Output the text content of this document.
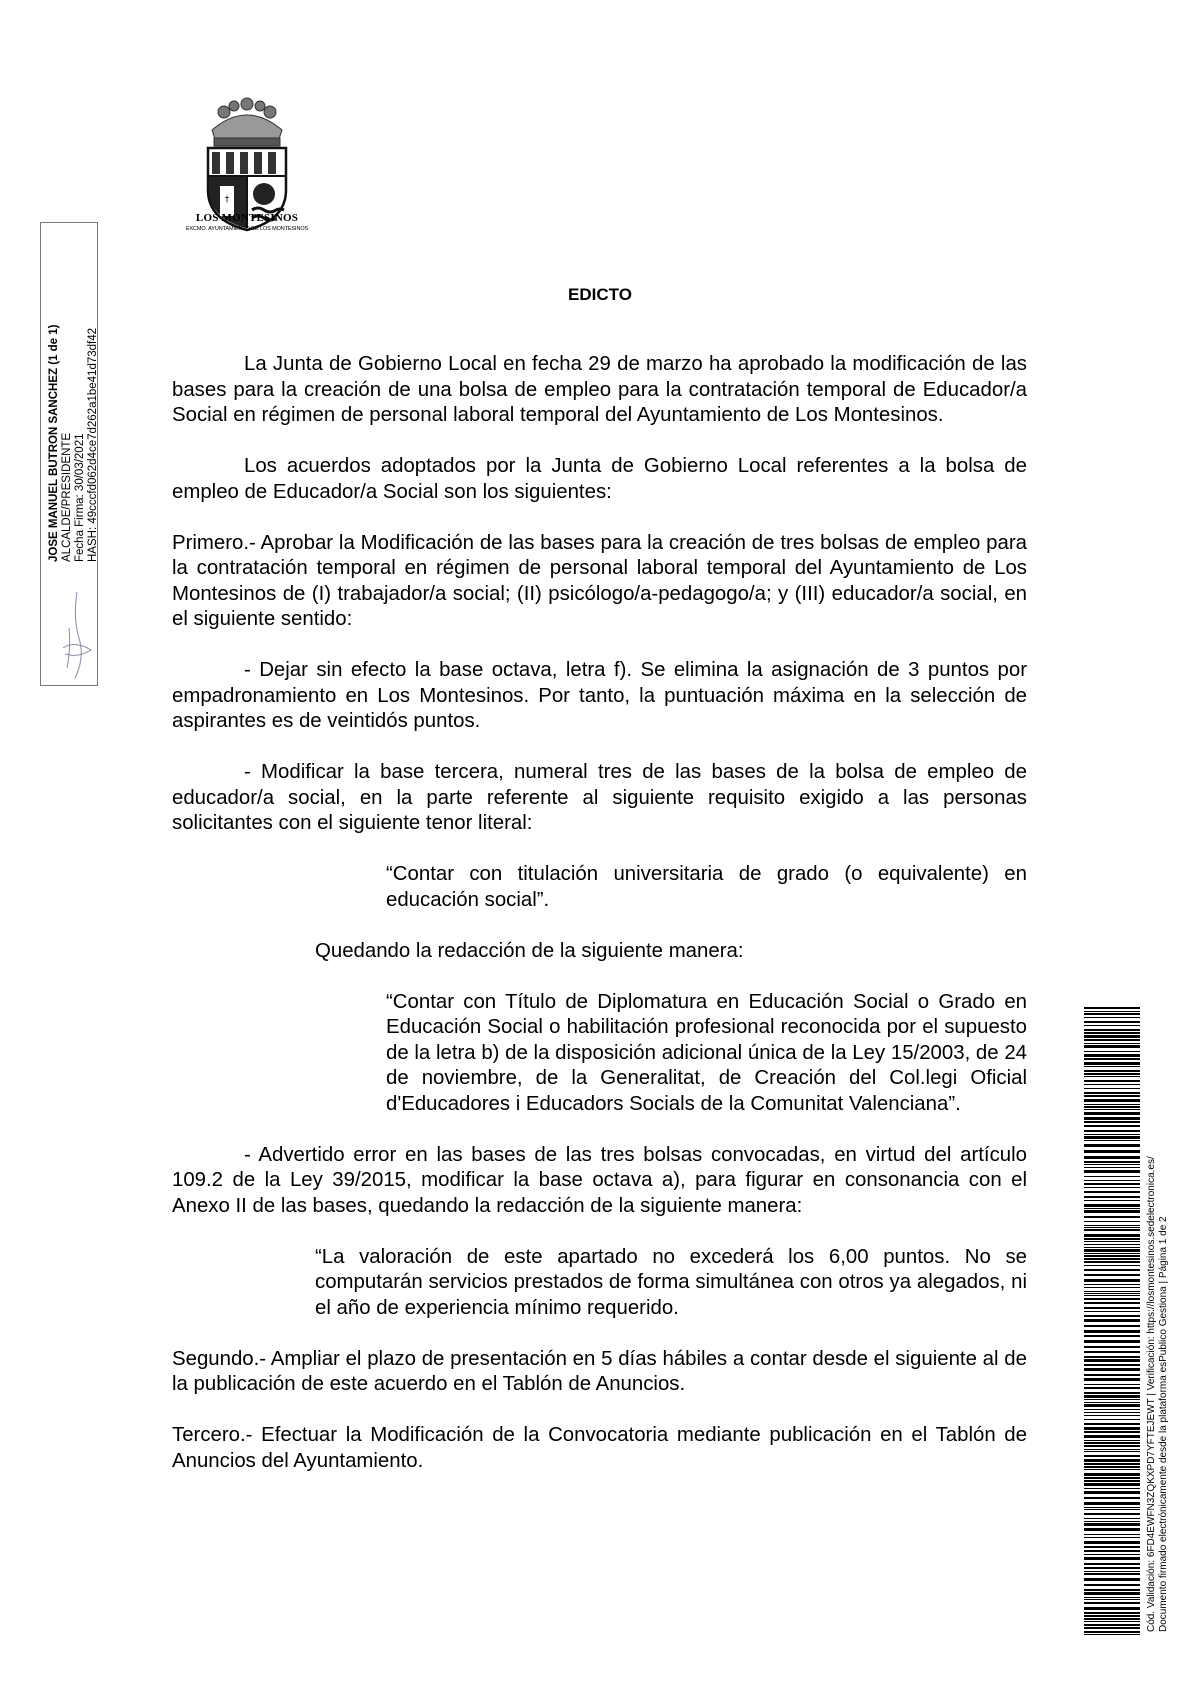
†
LOS MONTESINOS
EXCMO. AYUNTAMIENTO DE LOS MONTESINOS
JOSE MANUEL BUTRON SANCHEZ (1 de 1) ALCALDE/PRESIDENTE Fecha Firma: 30/03/2021 HASH: 49cccfd062d4ce7d262a1be41d73df42
Cód. Validación: 6FD4EWFN3ZQKXPD7YFTEJEWT | Verificación: https://losmontesinos.sedelectronica.es/ Documento firmado electrónicamente desde la plataforma esPublico Gestiona | Página 1 de 2
EDICTO

La Junta de Gobierno Local en fecha 29 de marzo ha aprobado la modificación de las bases para la creación de una bolsa de empleo para la contratación temporal de Educador/a Social en régimen de personal laboral temporal del Ayuntamiento de Los Montesinos.

Los acuerdos adoptados por la Junta de Gobierno Local referentes a la bolsa de empleo de Educador/a Social son los siguientes:

Primero.- Aprobar la Modificación de las bases para la creación de tres bolsas de empleo para la contratación temporal en régimen de personal laboral temporal del Ayuntamiento de Los Montesinos de (I) trabajador/a social; (II) psicólogo/a-pedagogo/a; y (III) educador/a social, en el siguiente sentido:

- Dejar sin efecto la base octava, letra f). Se elimina la asignación de 3 puntos por empadronamiento en Los Montesinos. Por tanto, la puntuación máxima en la selección de aspirantes es de veintidós puntos.

- Modificar la base tercera, numeral tres de las bases de la bolsa de empleo de educador/a social, en la parte referente al siguiente requisito exigido a las personas solicitantes con el siguiente tenor literal:

“Contar con titulación universitaria de grado (o equivalente) en educación social”.

Quedando la redacción de la siguiente manera:

“Contar con Título de Diplomatura en Educación Social o Grado en Educación Social o habilitación profesional reconocida por el supuesto de la letra b) de la disposición adicional única de la Ley 15/2003, de 24 de noviembre, de la Generalitat, de Creación del Col.legi Oficial d'Educadores i Educadors Socials de la Comunitat Valenciana”.

- Advertido error en las bases de las tres bolsas convocadas, en virtud del artículo 109.2 de la Ley 39/2015, modificar la base octava a), para figurar en consonancia con el Anexo II de las bases, quedando la redacción de la siguiente manera:

“La valoración de este apartado no excederá los 6,00 puntos. No se computarán servicios prestados de forma simultánea con otros ya alegados, ni el año de experiencia mínimo requerido.

Segundo.- Ampliar el plazo de presentación en 5 días hábiles a contar desde el siguiente al de la publicación de este acuerdo en el Tablón de Anuncios.

Tercero.- Efectuar la Modificación de la Convocatoria mediante publicación en el Tablón de Anuncios del Ayuntamiento.
